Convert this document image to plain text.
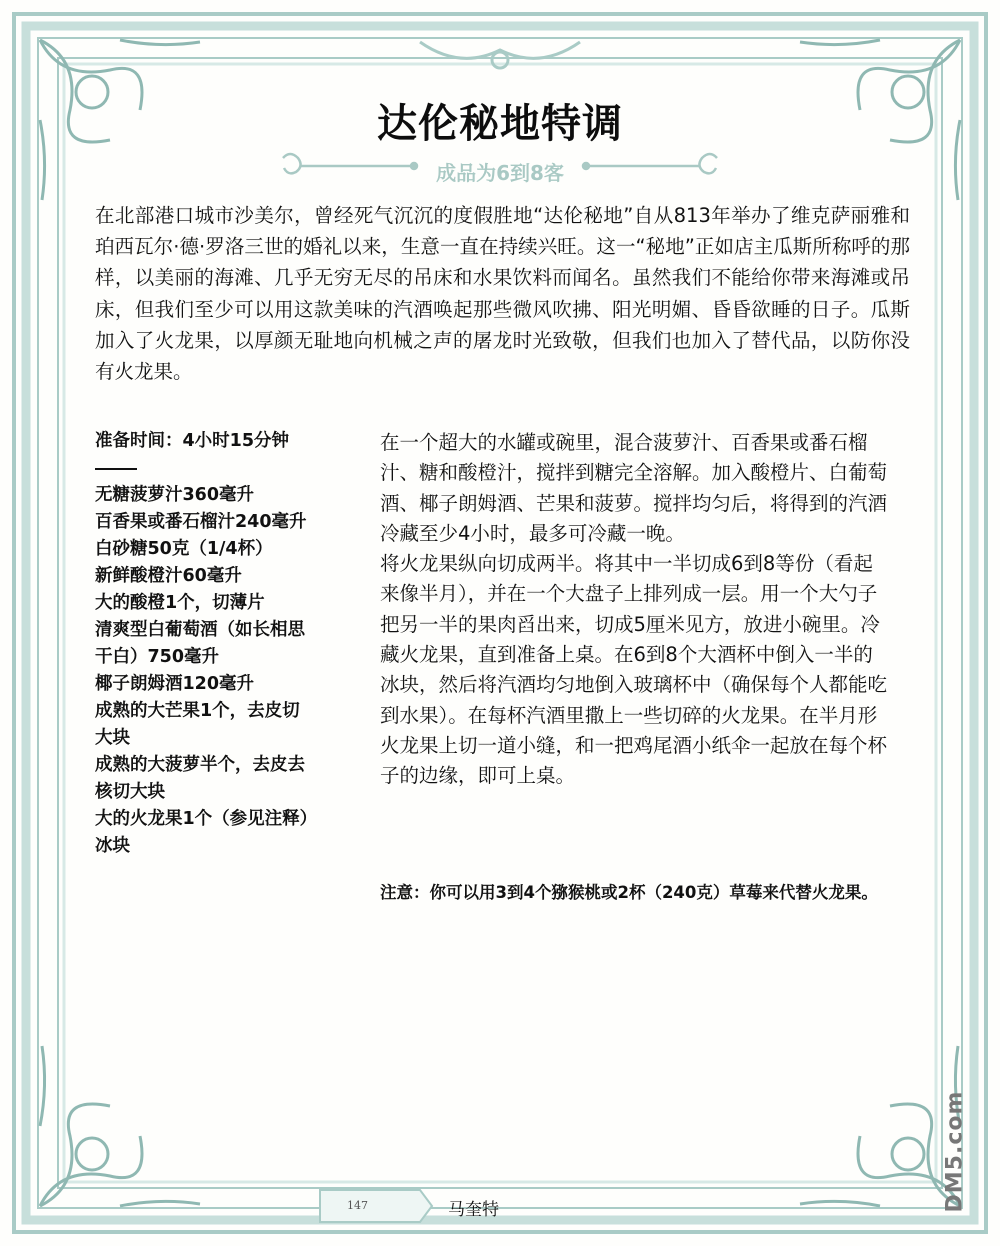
达伦秘地特调
成品为6到8客
在北部港口城市沙美尔，曾经死气沉沉的度假胜地“达伦秘地”自从813年举办了维克萨丽雅和珀西瓦尔·德·罗洛三世的婚礼以来，生意一直在持续兴旺。这一“秘地”正如店主瓜斯所称呼的那样，以美丽的海滩、几乎无穷无尽的吊床和水果饮料而闻名。虽然我们不能给你带来海滩或吊床，但我们至少可以用这款美味的汽酒唤起那些微风吹拂、阳光明媚、昏昏欲睡的日子。瓜斯加入了火龙果，以厚颜无耻地向机械之声的屠龙时光致敬，但我们也加入了替代品，以防你没有火龙果。
准备时间：4小时15分钟
无糖菠萝汁360毫升
百香果或番石榴汁240毫升
白砂糖50克（1/4杯）
新鲜酸橙汁60毫升
大的酸橙1个，切薄片
清爽型白葡萄酒（如长相思干白）750毫升
椰子朗姆酒120毫升
成熟的大芒果1个，去皮切大块
成熟的大菠萝半个，去皮去核切大块
大的火龙果1个（参见注释）
冰块

在一个超大的水罐或碗里，混合菠萝汁、百香果或番石榴汁、糖和酸橙汁，搅拌到糖完全溶解。加入酸橙片、白葡萄酒、椰子朗姆酒、芒果和菠萝。搅拌均匀后，将得到的汽酒冷藏至少4小时，最多可冷藏一晚。

将火龙果纵向切成两半。将其中一半切成6到8等份（看起来像半月），并在一个大盘子上排列成一层。用一个大勺子把另一半的果肉舀出来，切成5厘米见方，放进小碗里。冷藏火龙果，直到准备上桌。在6到8个大酒杯中倒入一半的冰块，然后将汽酒均匀地倒入玻璃杯中（确保每个人都能吃到水果）。在每杯汽酒里撒上一些切碎的火龙果。在半月形火龙果上切一道小缝，和一把鸡尾酒小纸伞一起放在每个杯子的边缘，即可上桌。

注意：你可以用3到4个猕猴桃或2杯（240克）草莓来代替火龙果。
147	马奎特	DM5.com
